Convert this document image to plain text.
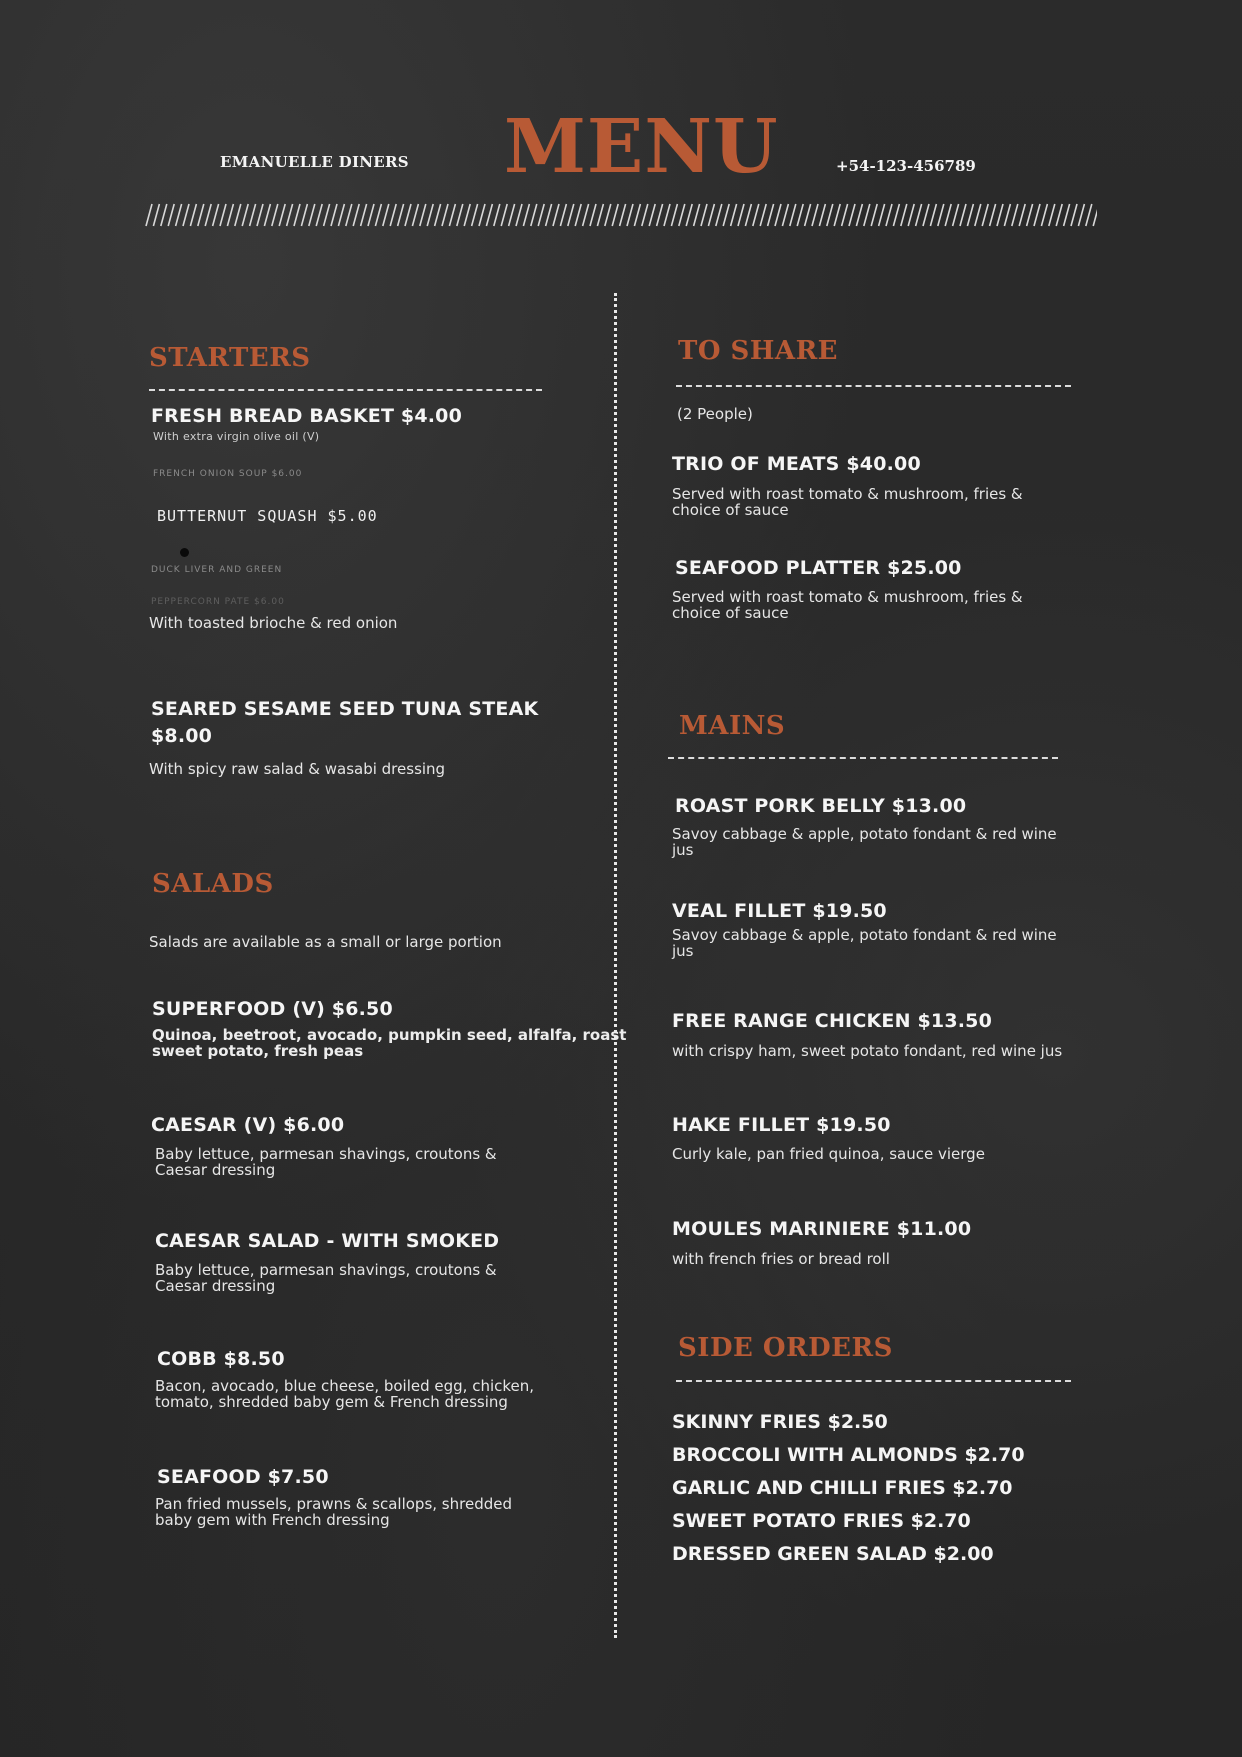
EMANUELLE DINERS MENU	+54-123-456789
STARTERS
FRESH BREAD BASKET $4.00
With extra virgin olive oil (V)
FRENCH ONION SOUP $6.00
BUTTERNUT SQUASH $5.00
DUCK LIVER AND GREEN
PEPPERCORN PATE $6.00
With toasted brioche & red onion
SEARED SESAME SEED TUNA STEAK
$8.00
With spicy raw salad & wasabi dressing
SALADS
Salads are available as a small or large portion
SUPERFOOD (V) $6.50
Quinoa, beetroot, avocado, pumpkin seed, alfalfa, roast
sweet potato, fresh peas
CAESAR (V) $6.00
Baby lettuce, parmesan shavings, croutons &
Caesar dressing
CAESAR SALAD - WITH SMOKED
Baby lettuce, parmesan shavings, croutons &
Caesar dressing
COBB $8.50
Bacon, avocado, blue cheese, boiled egg, chicken,
tomato, shredded baby gem & French dressing
SEAFOOD $7.50
Pan fried mussels, prawns & scallops, shredded
baby gem with French dressing
TO SHARE
(2 People)
TRIO OF MEATS $40.00
Served with roast tomato & mushroom, fries &
choice of sauce
SEAFOOD PLATTER $25.00
Served with roast tomato & mushroom, fries &
choice of sauce
MAINS
ROAST PORK BELLY $13.00
Savoy cabbage & apple, potato fondant & red wine
jus
VEAL FILLET $19.50
Savoy cabbage & apple, potato fondant & red wine
jus
FREE RANGE CHICKEN $13.50
with crispy ham, sweet potato fondant, red wine jus
HAKE FILLET $19.50
Curly kale, pan fried quinoa, sauce vierge
MOULES MARINIERE $11.00
with french fries or bread roll
SIDE ORDERS
SKINNY FRIES $2.50
BROCCOLI WITH ALMONDS $2.70
GARLIC AND CHILLI FRIES $2.70
SWEET POTATO FRIES $2.70
DRESSED GREEN SALAD $2.00
